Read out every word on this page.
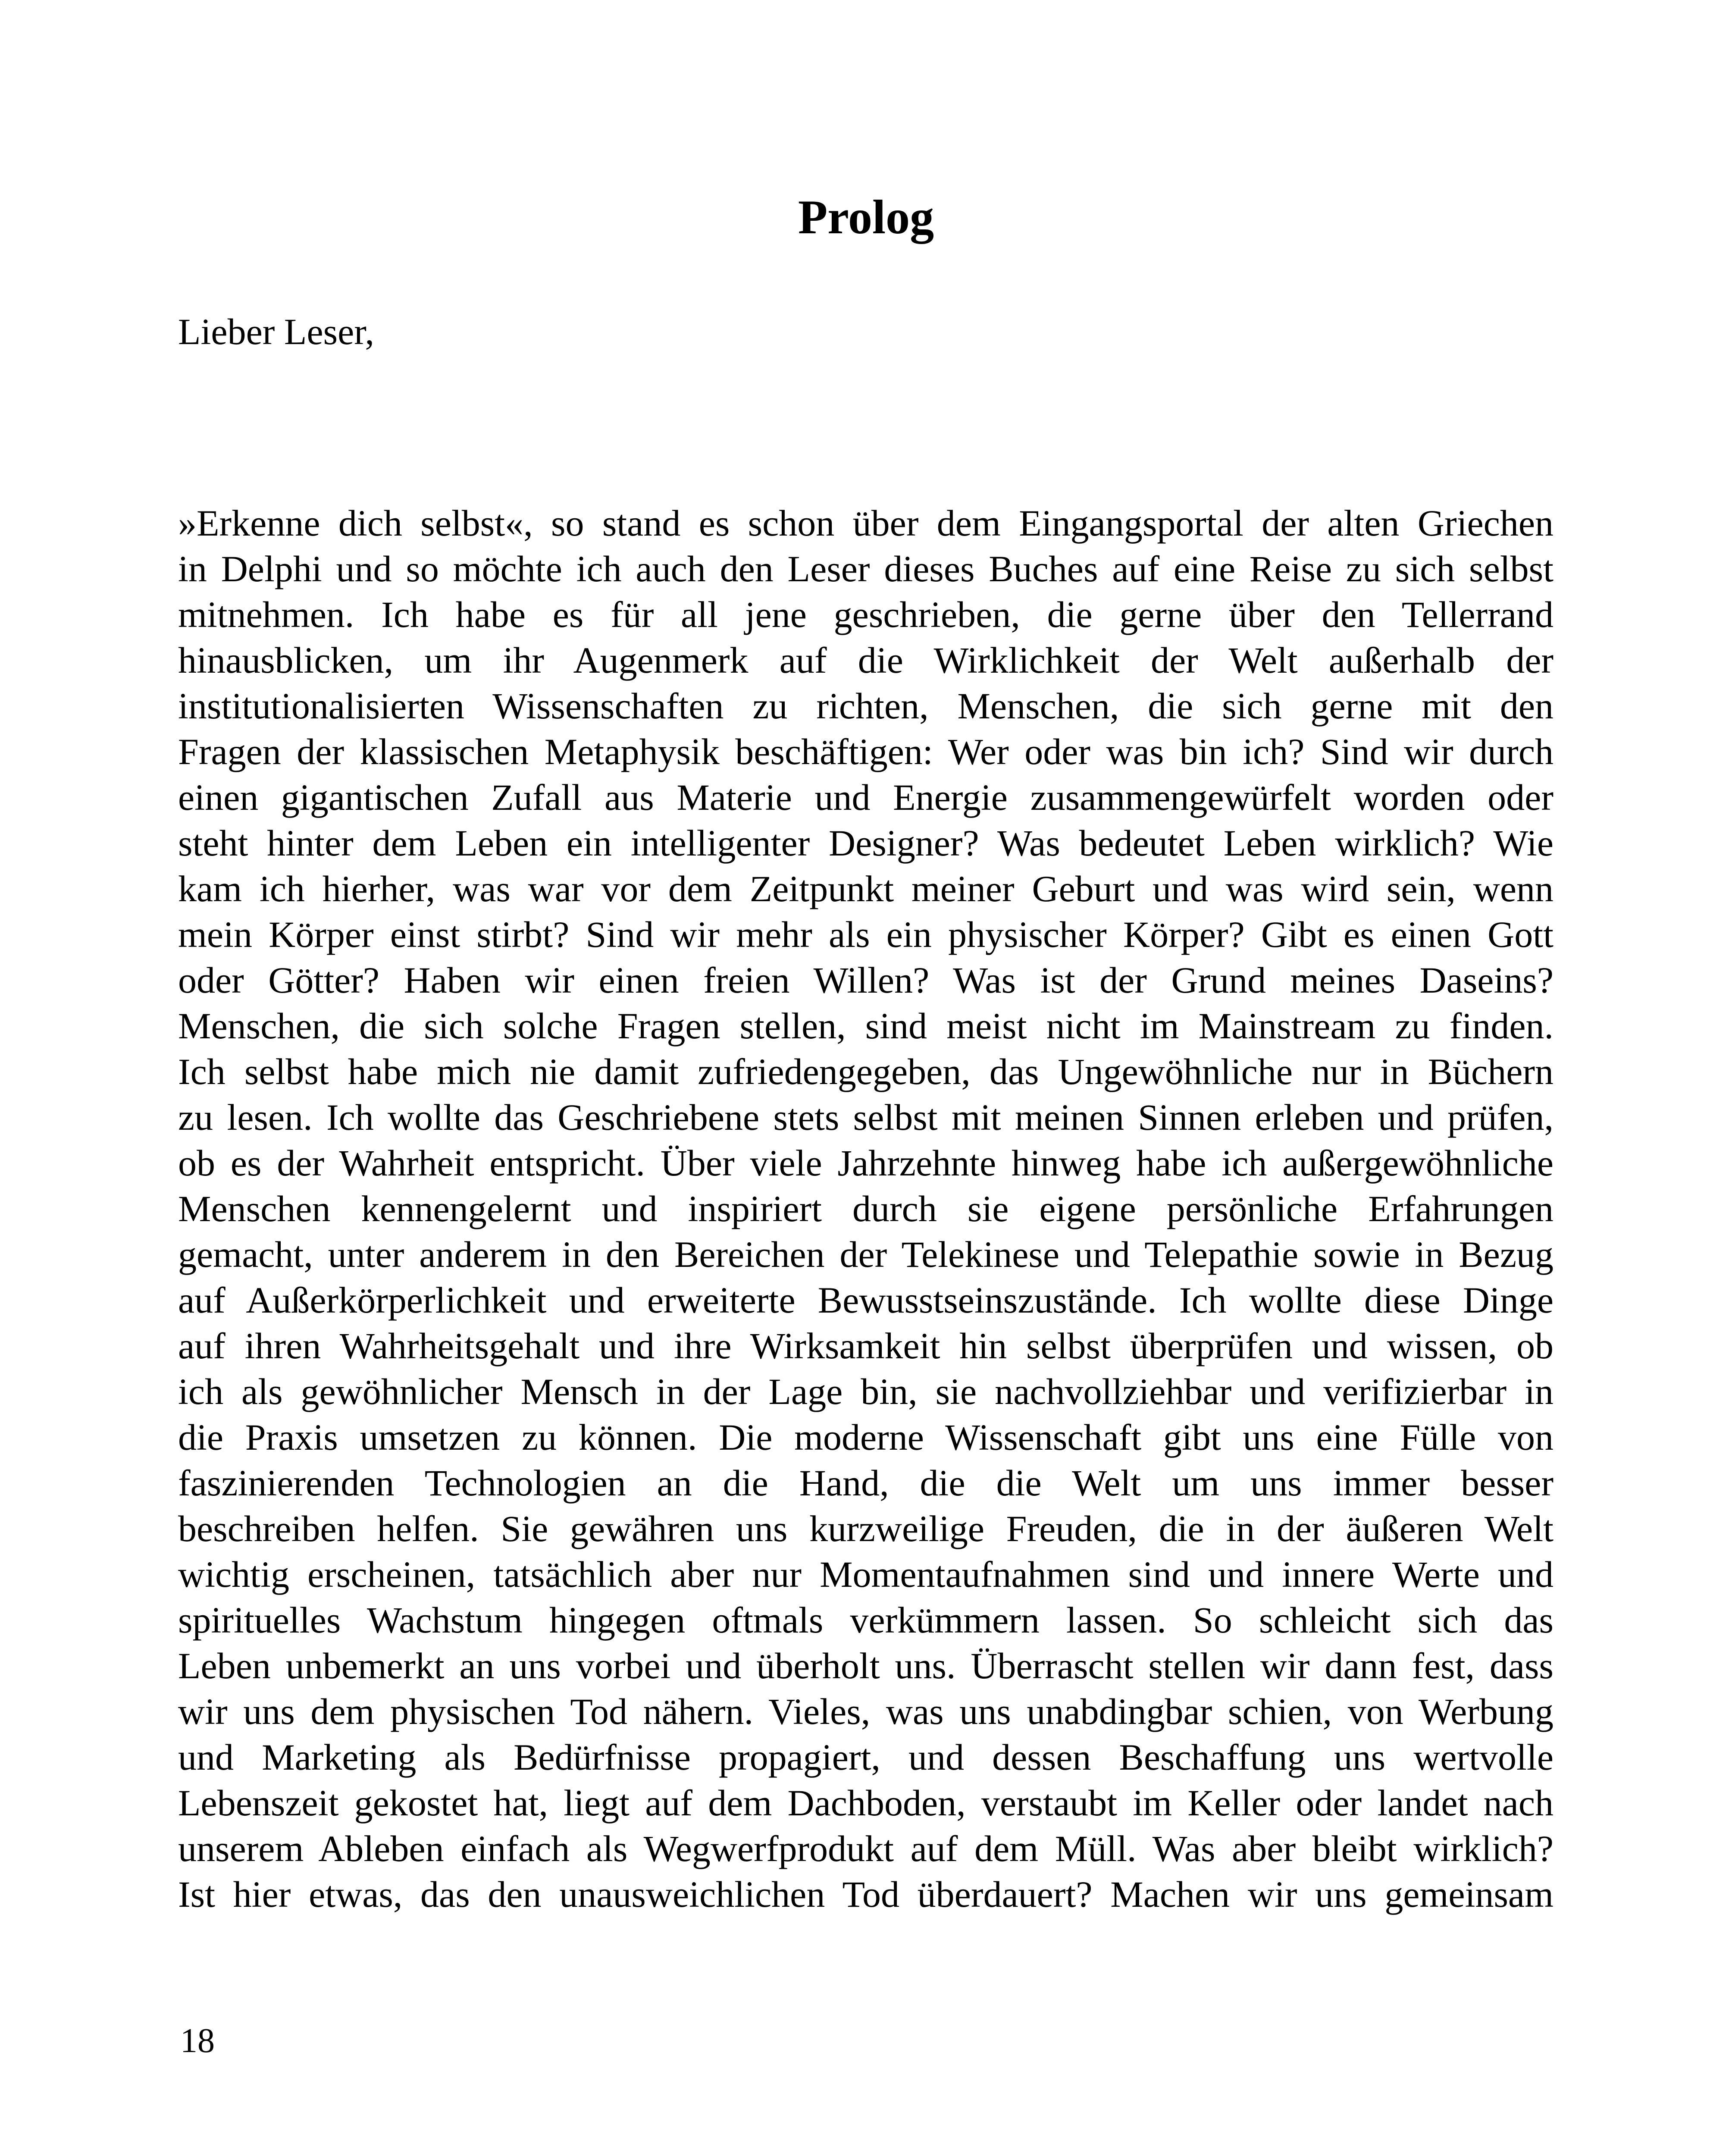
Prolog

Lieber Leser,

»Erkenne dich selbst«, so stand es schon über dem Eingangsportal der alten Griechen
in Delphi und so möchte ich auch den Leser dieses Buches auf eine Reise zu sich selbst
mitnehmen. Ich habe es für all jene geschrieben, die gerne über den Tellerrand
hinausblicken, um ihr Augenmerk auf die Wirklichkeit der Welt außerhalb der
institutionalisierten Wissenschaften zu richten, Menschen, die sich gerne mit den
Fragen der klassischen Metaphysik beschäftigen: Wer oder was bin ich? Sind wir durch
einen gigantischen Zufall aus Materie und Energie zusammengewürfelt worden oder
steht hinter dem Leben ein intelligenter Designer? Was bedeutet Leben wirklich? Wie
kam ich hierher, was war vor dem Zeitpunkt meiner Geburt und was wird sein, wenn
mein Körper einst stirbt? Sind wir mehr als ein physischer Körper? Gibt es einen Gott
oder Götter? Haben wir einen freien Willen? Was ist der Grund meines Daseins?
Menschen, die sich solche Fragen stellen, sind meist nicht im Mainstream zu finden.
Ich selbst habe mich nie damit zufriedengegeben, das Ungewöhnliche nur in Büchern
zu lesen. Ich wollte das Geschriebene stets selbst mit meinen Sinnen erleben und prüfen,
ob es der Wahrheit entspricht. Über viele Jahrzehnte hinweg habe ich außergewöhnliche
Menschen kennengelernt und inspiriert durch sie eigene persönliche Erfahrungen
gemacht, unter anderem in den Bereichen der Telekinese und Telepathie sowie in Bezug
auf Außerkörperlichkeit und erweiterte Bewusstseinszustände. Ich wollte diese Dinge
auf ihren Wahrheitsgehalt und ihre Wirksamkeit hin selbst überprüfen und wissen, ob
ich als gewöhnlicher Mensch in der Lage bin, sie nachvollziehbar und verifizierbar in
die Praxis umsetzen zu können. Die moderne Wissenschaft gibt uns eine Fülle von
faszinierenden Technologien an die Hand, die die Welt um uns immer besser
beschreiben helfen. Sie gewähren uns kurzweilige Freuden, die in der äußeren Welt
wichtig erscheinen, tatsächlich aber nur Momentaufnahmen sind und innere Werte und
spirituelles Wachstum hingegen oftmals verkümmern lassen. So schleicht sich das
Leben unbemerkt an uns vorbei und überholt uns. Überrascht stellen wir dann fest, dass
wir uns dem physischen Tod nähern. Vieles, was uns unabdingbar schien, von Werbung
und Marketing als Bedürfnisse propagiert, und dessen Beschaffung uns wertvolle
Lebenszeit gekostet hat, liegt auf dem Dachboden, verstaubt im Keller oder landet nach
unserem Ableben einfach als Wegwerfprodukt auf dem Müll. Was aber bleibt wirklich?
Ist hier etwas, das den unausweichlichen Tod überdauert? Machen wir uns gemeinsam

18
